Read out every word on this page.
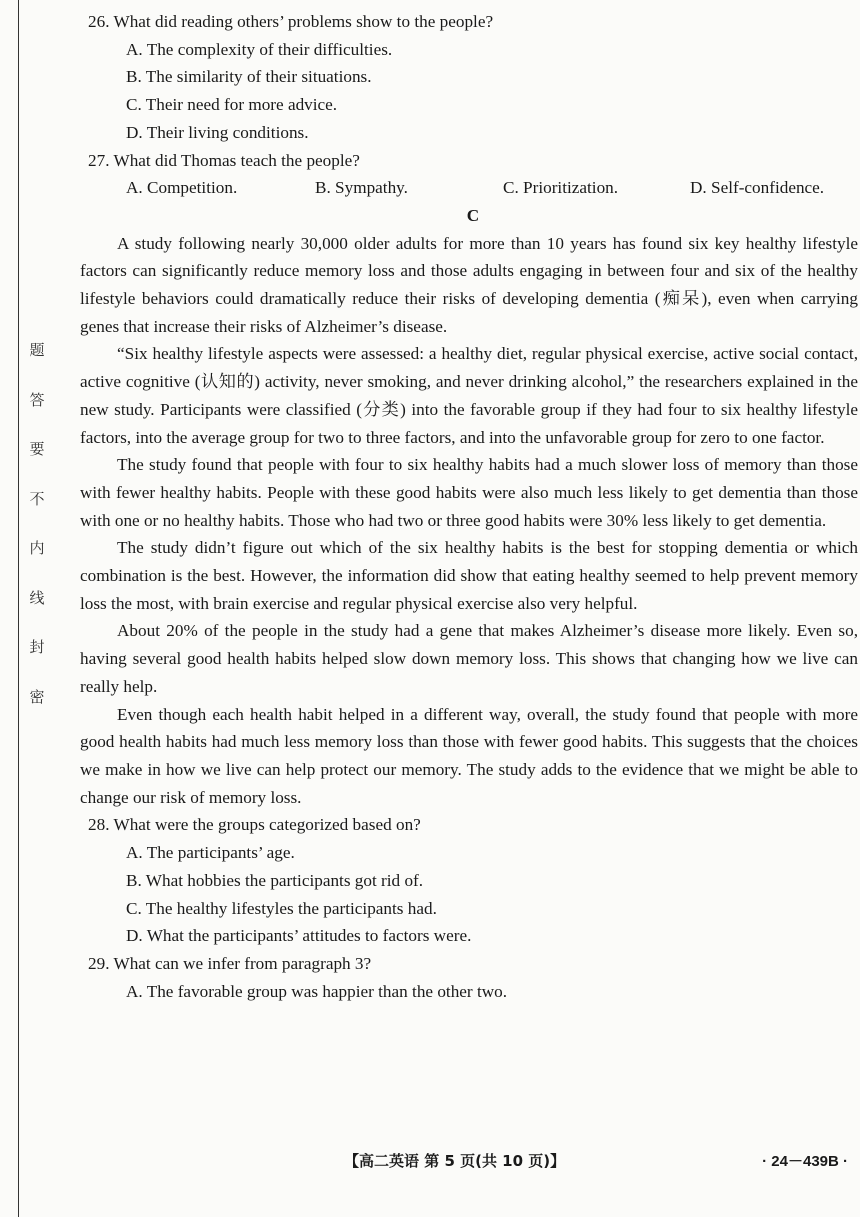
题
答
要
不
内
线
封
密

26. What did reading others’ problems show to the people?

A. The complexity of their difficulties.

B. The similarity of their situations.

C. Their need for more advice.

D. Their living conditions.

27. What did Thomas teach the people?

A. Competition.	B. Sympathy.	C. Prioritization.	D. Self-confidence.

C

A study following nearly 30,000 older adults for more than 10 years has found six key healthy lifestyle factors can significantly reduce memory loss and those adults engaging in between four and six of the healthy lifestyle behaviors could dramatically reduce their risks of developing dementia (痴呆), even when carrying genes that increase their risks of Alzheimer’s disease.

“Six healthy lifestyle aspects were assessed: a healthy diet, regular physical exercise, active social contact, active cognitive (认知的) activity, never smoking, and never drinking alcohol,” the researchers explained in the new study. Participants were classified (分类) into the favorable group if they had four to six healthy lifestyle factors, into the average group for two to three factors, and into the unfavorable group for zero to one factor.

The study found that people with four to six healthy habits had a much slower loss of memory than those with fewer healthy habits. People with these good habits were also much less likely to get dementia than those with one or no healthy habits. Those who had two or three good habits were 30% less likely to get dementia.

The study didn’t figure out which of the six healthy habits is the best for stopping dementia or which combination is the best. However, the information did show that eating healthy seemed to help prevent memory loss the most, with brain exercise and regular physical exercise also very helpful.

About 20% of the people in the study had a gene that makes Alzheimer’s disease more likely. Even so, having several good health habits helped slow down memory loss. This shows that changing how we live can really help.

Even though each health habit helped in a different way, overall, the study found that people with more good health habits had much less memory loss than those with fewer good habits. This suggests that the choices we make in how we live can help protect our memory. The study adds to the evidence that we might be able to change our risk of memory loss.

28. What were the groups categorized based on?

A. The participants’ age.

B. What hobbies the participants got rid of.

C. The healthy lifestyles the participants had.

D. What the participants’ attitudes to factors were.

29. What can we infer from paragraph 3?

A. The favorable group was happier than the other two.

【高二英语 第 5 页(共 10 页)】	· 24－439B ·
